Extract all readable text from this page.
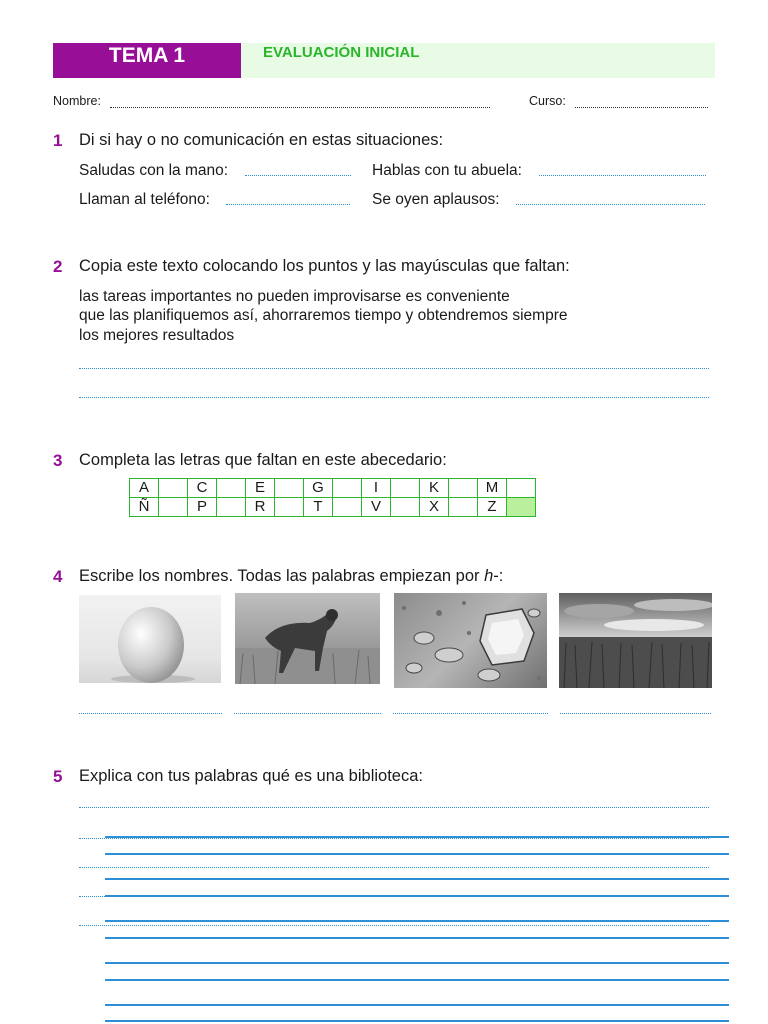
TEMA 1	EVALUACIÓN INICIAL
Nombre:	Curso:
1 Di si hay o no comunicación en estas situaciones:
Saludas con la mano:	Hablas con tu abuela:
Llaman al teléfono:	Se oyen aplausos:
2 Copia este texto colocando los puntos y las mayúsculas que faltan:
las tareas importantes no pueden improvisarse es conveniente
que las planifiquemos así, ahorraremos tiempo y obtendremos siempre
los mejores resultados
3 Completa las letras que faltan en este abecedario:
A		C		E		G		I		K		M	
Ñ		P		R		T		V		X		Z	
4 Escribe los nombres. Todas las palabras empiezan por h-:
5 Explica con tus palabras qué es una biblioteca:
